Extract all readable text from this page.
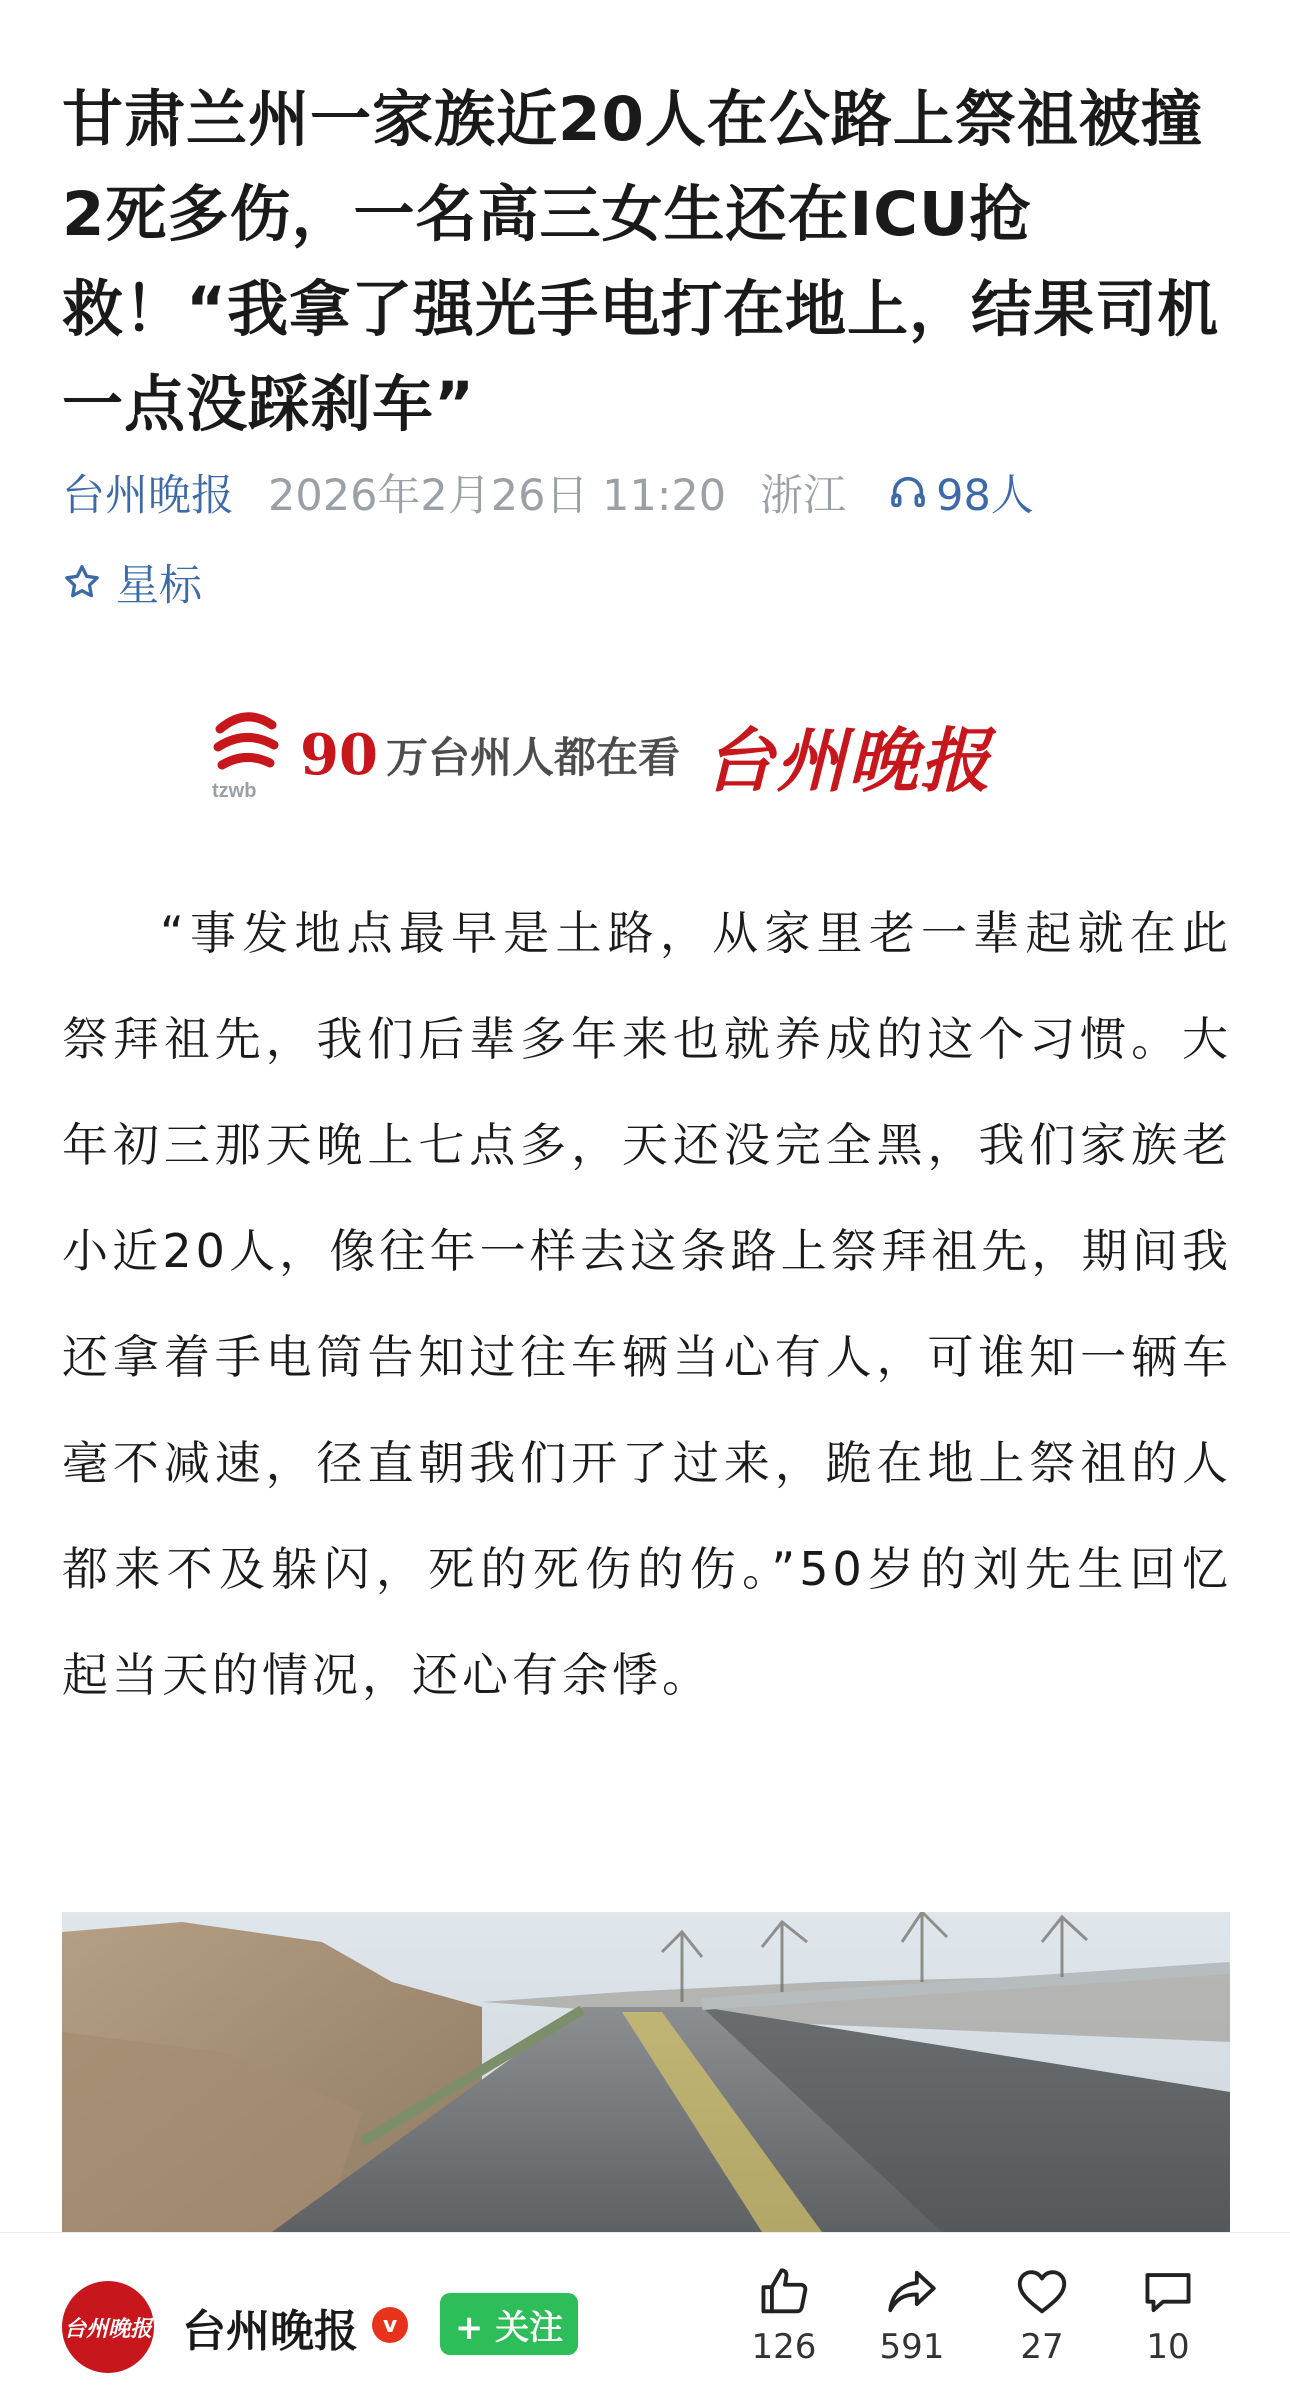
甘肃兰州一家族近20人在公路上祭祖被撞2死多伤，一名高三女生还在ICU抢救！“我拿了强光手电打在地上，结果司机一点没踩刹车”
台州晚报 2026年2月26日 11:20 浙江 98人
星标
tzwb
90 万台州人都在看 台州晚报

“事发地点最早是土路，从家里老一辈起就在此祭拜祖先，我们后辈多年来也就养成的这个习惯。大年初三那天晚上七点多，天还没完全黑，我们家族老小近20人，像往年一样去这条路上祭拜祖先，期间我还拿着手电筒告知过往车辆当心有人，可谁知一辆车毫不减速，径直朝我们开了过来，跪在地上祭祖的人都来不及躲闪，死的死伤的伤。”50岁的刘先生回忆起当天的情况，还心有余悸。

台州晚报 台州晚报	v	+ 关注	126 591 27 10
